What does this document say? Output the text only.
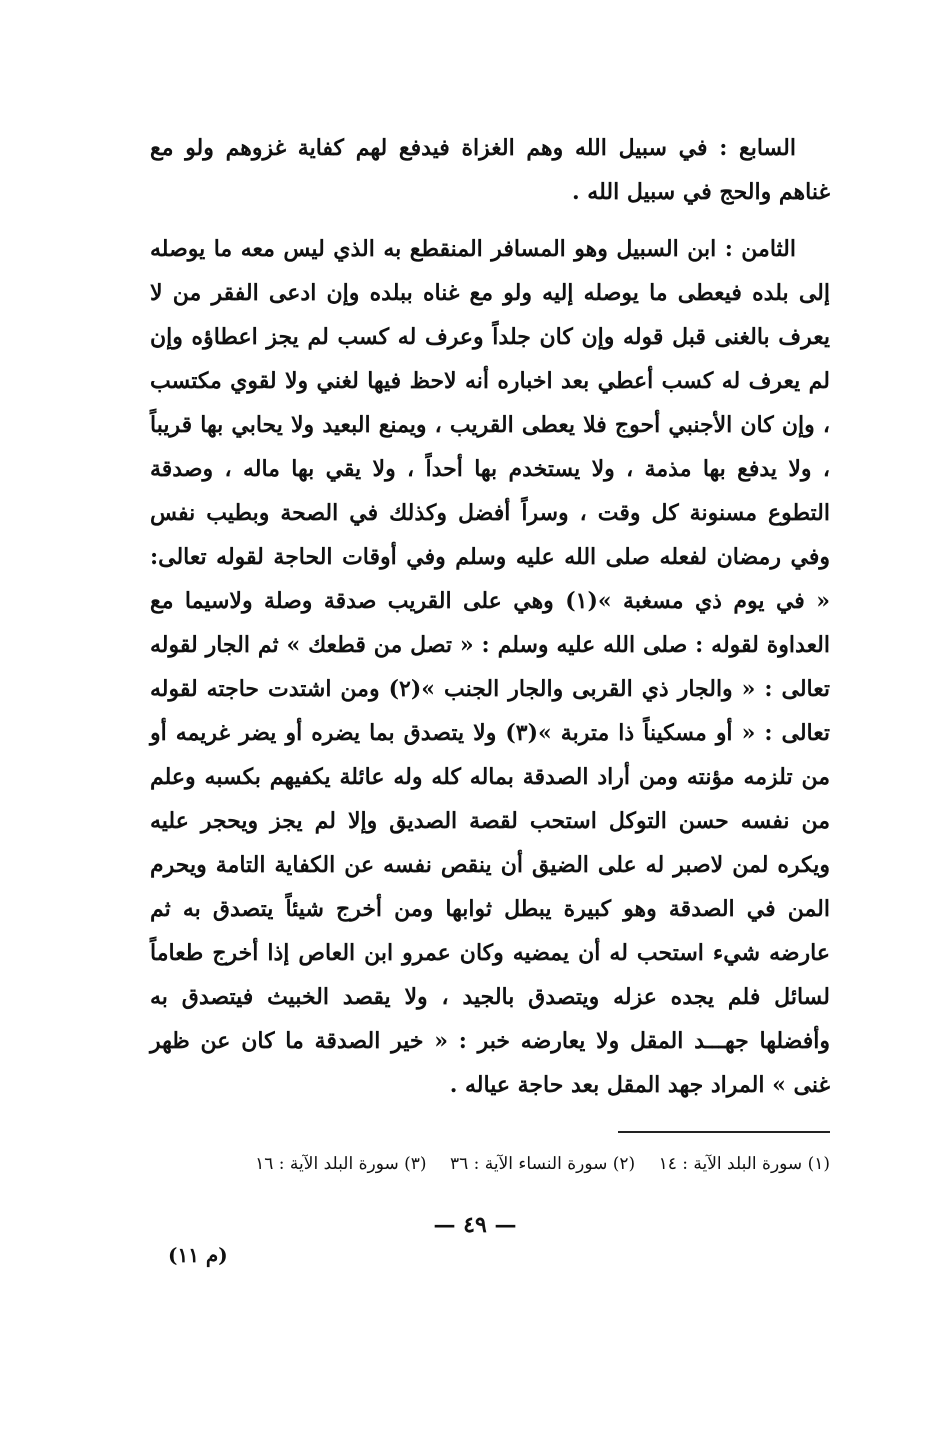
السابع : في سبيل الله وهم الغزاة فيدفع لهم كفاية غزوهم ولو مع غناهم والحج في سبيل الله .

الثامن : ابن السبيل وهو المسافر المنقطع به الذي ليس معه ما يوصله إلى بلده فيعطى ما يوصله إليه ولو مع غناه ببلده وإن ادعى الفقر من لا يعرف بالغنى قبل قوله وإن كان جلداً وعرف له كسب لم يجز اعطاؤه وإن لم يعرف له كسب أعطي بعد اخباره أنه لاحظ فيها لغني ولا لقوي مكتسب ، وإن كان الأجنبي أحوج فلا يعطى القريب ، ويمنع البعيد ولا يحابي بها قريباً ، ولا يدفع بها مذمة ، ولا يستخدم بها أحداً ، ولا يقي بها ماله ، وصدقة التطوع مسنونة كل وقت ، وسراً أفضل وكذلك في الصحة وبطيب نفس وفي رمضان لفعله صلى الله عليه وسلم وفي أوقات الحاجة لقوله تعالى: « في يوم ذي مسغبة »(١) وهي على القريب صدقة وصلة ولاسيما مع العداوة لقوله : صلى الله عليه وسلم : « تصل من قطعك » ثم الجار لقوله تعالى : « والجار ذي القربى والجار الجنب »(٢) ومن اشتدت حاجته لقوله تعالى : « أو مسكيناً ذا متربة »(٣) ولا يتصدق بما يضره أو يضر غريمه أو من تلزمه مؤنته ومن أراد الصدقة بماله كله وله عائلة يكفيهم بكسبه وعلم من نفسه حسن التوكل استحب لقصة الصديق وإلا لم يجز ويحجر عليه ويكره لمن لاصبر له على الضيق أن ينقص نفسه عن الكفاية التامة ويحرم المن في الصدقة وهو كبيرة يبطل ثوابها ومن أخرج شيئاً يتصدق به ثم عارضه شيء استحب له أن يمضيه وكان عمرو ابن العاص إذا أخرج طعاماً لسائل فلم يجده عزله ويتصدق بالجيد ، ولا يقصد الخبيث فيتصدق به وأفضلها جهـــد المقل ولا يعارضه خبر : « خير الصدقة ما كان عن ظهر غنى » المراد جهد المقل بعد حاجة عياله .

(١) سورة البلد الآية : ١٤ (٢) سورة النساء الآية : ٣٦ (٣) سورة البلد الآية : ١٦
— ٤٩ —
(م ١١)
